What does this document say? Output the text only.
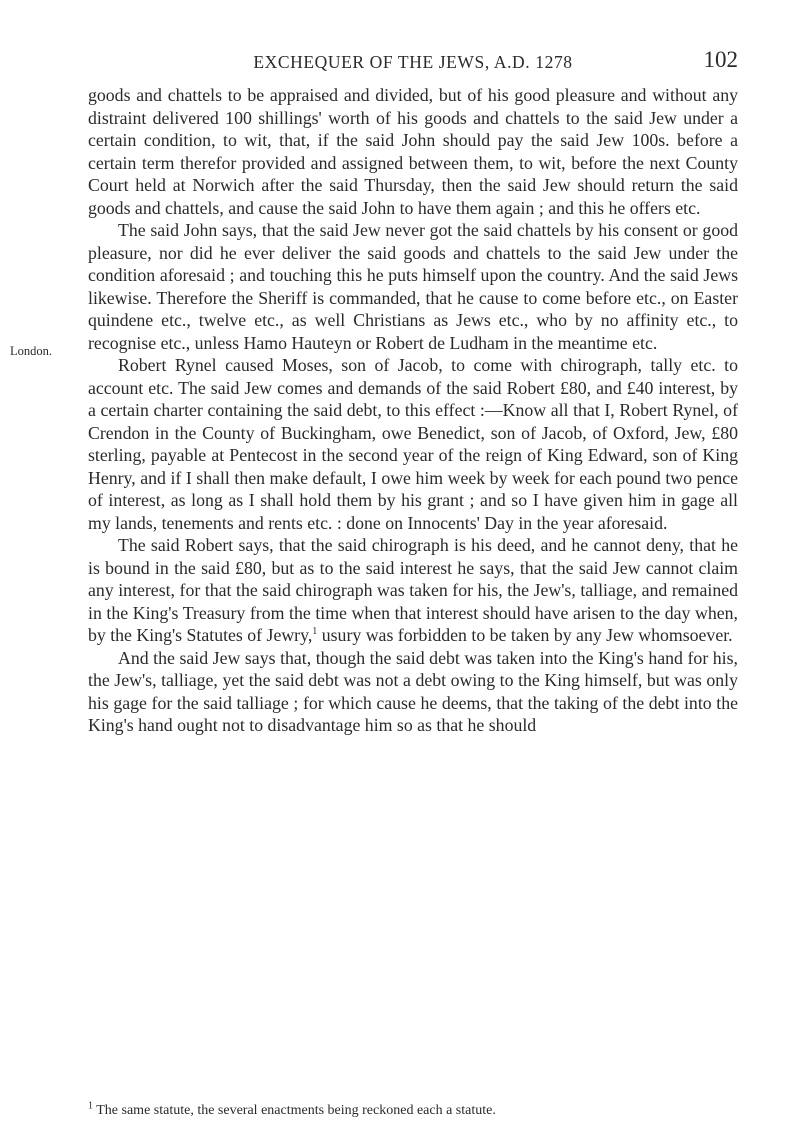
EXCHEQUER OF THE JEWS, A.D. 1278	102
London.

goods and chattels to be appraised and divided, but of his good pleasure and without any distraint delivered 100 shillings' worth of his goods and chattels to the said Jew under a certain condition, to wit, that, if the said John should pay the said Jew 100s. before a certain term therefor provided and assigned between them, to wit, before the next County Court held at Norwich after the said Thursday, then the said Jew should return the said goods and chattels, and cause the said John to have them again ; and this he offers etc.

The said John says, that the said Jew never got the said chattels by his consent or good pleasure, nor did he ever deliver the said goods and chattels to the said Jew under the condition aforesaid ; and touching this he puts himself upon the country. And the said Jews likewise. Therefore the Sheriff is commanded, that he cause to come before etc., on Easter quindene etc., twelve etc., as well Christians as Jews etc., who by no affinity etc., to recognise etc., unless Hamo Hauteyn or Robert de Ludham in the meantime etc.

Robert Rynel caused Moses, son of Jacob, to come with chirograph, tally etc. to account etc. The said Jew comes and demands of the said Robert £80, and £40 interest, by a certain charter containing the said debt, to this effect :—Know all that I, Robert Rynel, of Crendon in the County of Buckingham, owe Benedict, son of Jacob, of Oxford, Jew, £80 sterling, payable at Pentecost in the second year of the reign of King Edward, son of King Henry, and if I shall then make default, I owe him week by week for each pound two pence of interest, as long as I shall hold them by his grant ; and so I have given him in gage all my lands, tenements and rents etc. : done on Innocents' Day in the year aforesaid.

The said Robert says, that the said chirograph is his deed, and he cannot deny, that he is bound in the said £80, but as to the said interest he says, that the said Jew cannot claim any interest, for that the said chirograph was taken for his, the Jew's, talliage, and remained in the King's Treasury from the time when that interest should have arisen to the day when, by the King's Statutes of Jewry,$^1$ usury was forbidden to be taken by any Jew whomsoever.

And the said Jew says that, though the said debt was taken into the King's hand for his, the Jew's, talliage, yet the said debt was not a debt owing to the King himself, but was only his gage for the said talliage ; for which cause he deems, that the taking of the debt into the King's hand ought not to disadvantage him so as that he should

$^1$ The same statute, the several enactments being reckoned each a statute.
